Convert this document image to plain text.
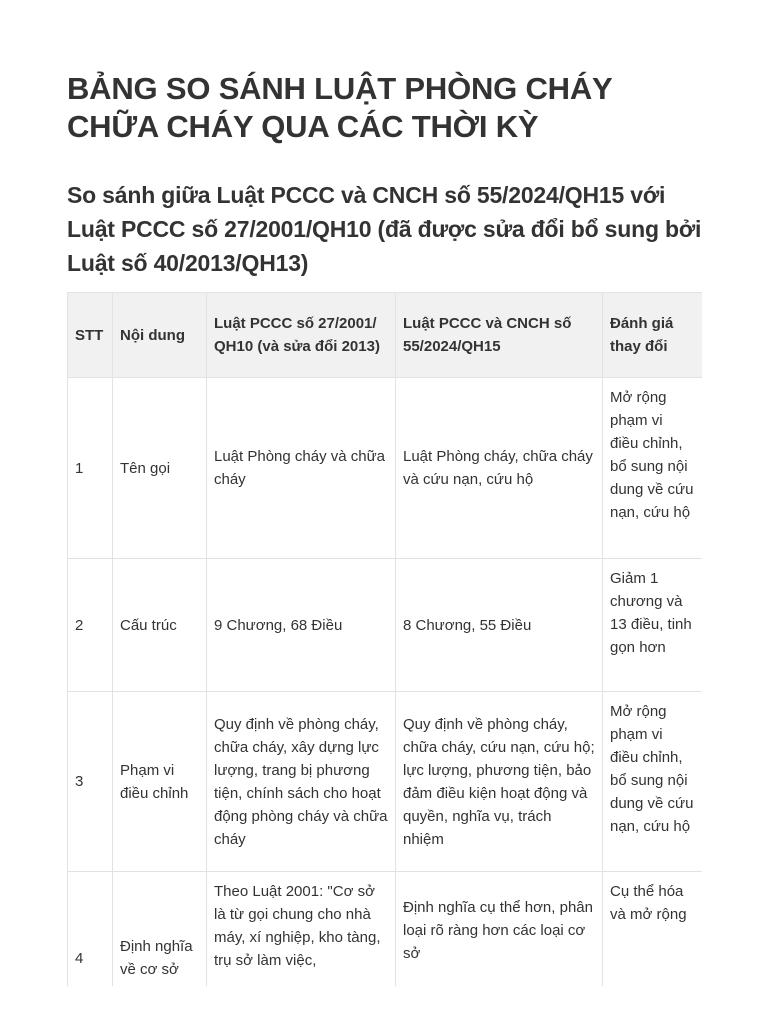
BẢNG SO SÁNH LUẬT PHÒNG CHÁY CHỮA CHÁY QUA CÁC THỜI KỲ
So sánh giữa Luật PCCC và CNCH số 55/2024/QH15 với Luật PCCC số 27/2001/QH10 (đã được sửa đổi bổ sung bởi Luật số 40/2013/QH13)
STT	Nội dung	Luật PCCC số 27/2001/ QH10 (và sửa đổi 2013)	Luật PCCC và CNCH số 55/2024/QH15	Đánh giá thay đổi
1	Tên gọi	Luật Phòng cháy và chữa cháy	Luật Phòng cháy, chữa cháy và cứu nạn, cứu hộ	Mở rộng phạm vi điều chỉnh, bổ sung nội dung về cứu nạn, cứu hộ
2	Cấu trúc	9 Chương, 68 Điều	8 Chương, 55 Điều	Giảm 1 chương và 13 điều, tinh gọn hơn
3	Phạm vi điều chỉnh	Quy định về phòng cháy, chữa cháy, xây dựng lực lượng, trang bị phương tiện, chính sách cho hoạt động phòng cháy và chữa cháy	Quy định về phòng cháy, chữa cháy, cứu nạn, cứu hộ; lực lượng, phương tiện, bảo đảm điều kiện hoạt động và quyền, nghĩa vụ, trách nhiệm	Mở rộng phạm vi điều chỉnh, bổ sung nội dung về cứu nạn, cứu hộ
4	Định nghĩa về cơ sở	Theo Luật 2001: "Cơ sở là từ gọi chung cho nhà máy, xí nghiệp, kho tàng, trụ sở làm việc,	Định nghĩa cụ thể hơn, phân loại rõ ràng hơn các loại cơ sở	Cụ thể hóa và mở rộng
